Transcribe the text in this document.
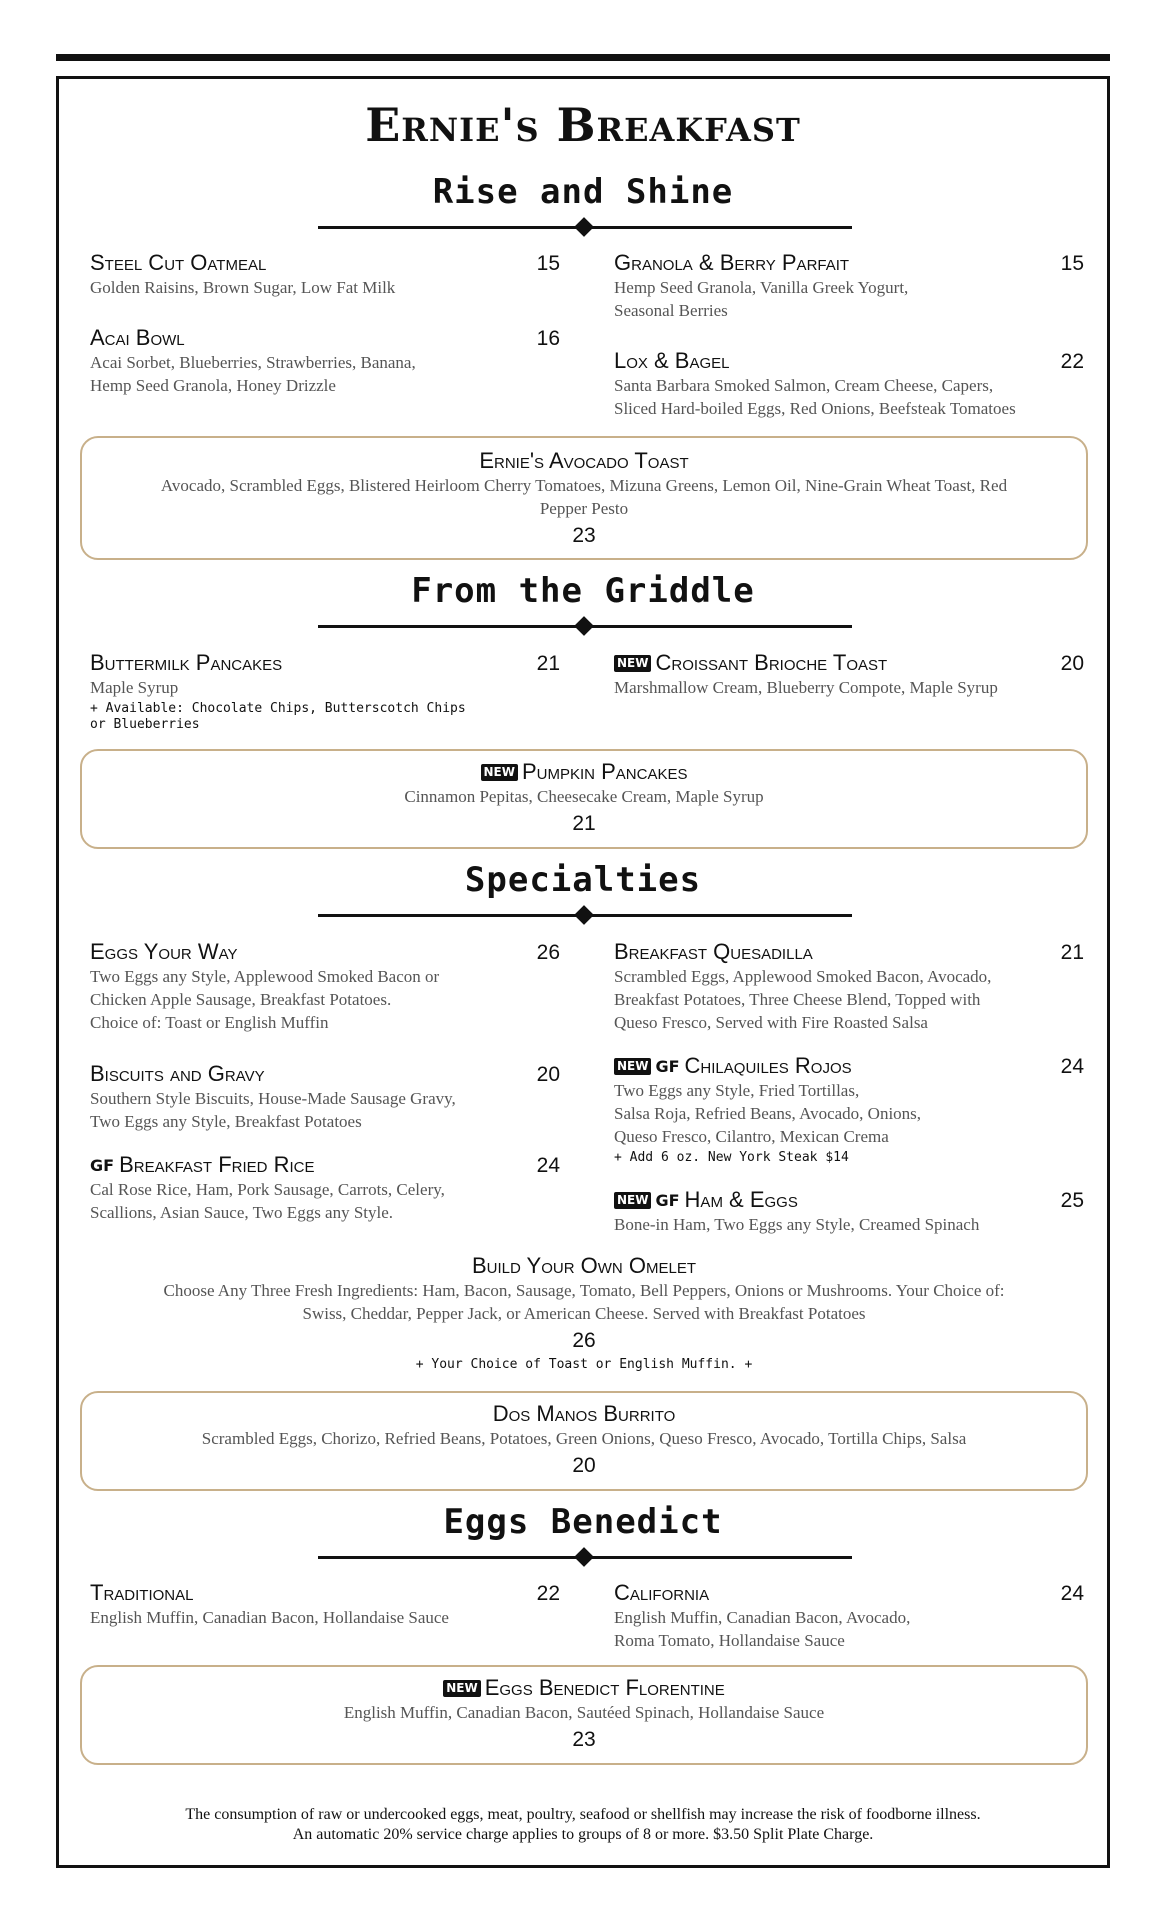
Ernie's Breakfast
Rise and Shine
Steel Cut Oatmeal	15
Golden Raisins, Brown Sugar, Low Fat Milk
Granola & Berry Parfait	15
Hemp Seed Granola, Vanilla Greek Yogurt,
Seasonal Berries
Acai Bowl	16
Acai Sorbet, Blueberries, Strawberries, Banana,
Hemp Seed Granola, Honey Drizzle
Lox & Bagel	22
Santa Barbara Smoked Salmon, Cream Cheese, Capers,
Sliced Hard-boiled Eggs, Red Onions, Beefsteak Tomatoes
Ernie's Avocado Toast
Avocado, Scrambled Eggs, Blistered Heirloom Cherry Tomatoes, Mizuna Greens, Lemon Oil, Nine-Grain Wheat Toast, Red
Pepper Pesto
23
From the Griddle
Buttermilk Pancakes	21
Maple Syrup
+ Available: Chocolate Chips, Butterscotch Chips
or Blueberries
NEW Croissant Brioche Toast	20
Marshmallow Cream, Blueberry Compote, Maple Syrup
NEW Pumpkin Pancakes
Cinnamon Pepitas, Cheesecake Cream, Maple Syrup
21
Specialties
Eggs Your Way	26
Two Eggs any Style, Applewood Smoked Bacon or
Chicken Apple Sausage, Breakfast Potatoes.
Choice of: Toast or English Muffin
Breakfast Quesadilla	21
Scrambled Eggs, Applewood Smoked Bacon, Avocado,
Breakfast Potatoes, Three Cheese Blend, Topped with
Queso Fresco, Served with Fire Roasted Salsa
Biscuits and Gravy	20
Southern Style Biscuits, House-Made Sausage Gravy,
Two Eggs any Style, Breakfast Potatoes
NEW GF Chilaquiles Rojos	24
Two Eggs any Style, Fried Tortillas,
Salsa Roja, Refried Beans, Avocado, Onions,
Queso Fresco, Cilantro, Mexican Crema
+ Add 6 oz. New York Steak $14
GF Breakfast Fried Rice	24
Cal Rose Rice, Ham, Pork Sausage, Carrots, Celery,
Scallions, Asian Sauce, Two Eggs any Style.
NEW GF Ham & Eggs	25
Bone-in Ham, Two Eggs any Style, Creamed Spinach
Build Your Own Omelet
Choose Any Three Fresh Ingredients: Ham, Bacon, Sausage, Tomato, Bell Peppers, Onions or Mushrooms. Your Choice of:
Swiss, Cheddar, Pepper Jack, or American Cheese. Served with Breakfast Potatoes
26
+ Your Choice of Toast or English Muffin. +
Dos Manos Burrito
Scrambled Eggs, Chorizo, Refried Beans, Potatoes, Green Onions, Queso Fresco, Avocado, Tortilla Chips, Salsa
20
Eggs Benedict
Traditional	22
English Muffin, Canadian Bacon, Hollandaise Sauce
California	24
English Muffin, Canadian Bacon, Avocado,
Roma Tomato, Hollandaise Sauce
NEW Eggs Benedict Florentine
English Muffin, Canadian Bacon, Sautéed Spinach, Hollandaise Sauce
23
The consumption of raw or undercooked eggs, meat, poultry, seafood or shellfish may increase the risk of foodborne illness.
An automatic 20% service charge applies to groups of 8 or more. $3.50 Split Plate Charge.
